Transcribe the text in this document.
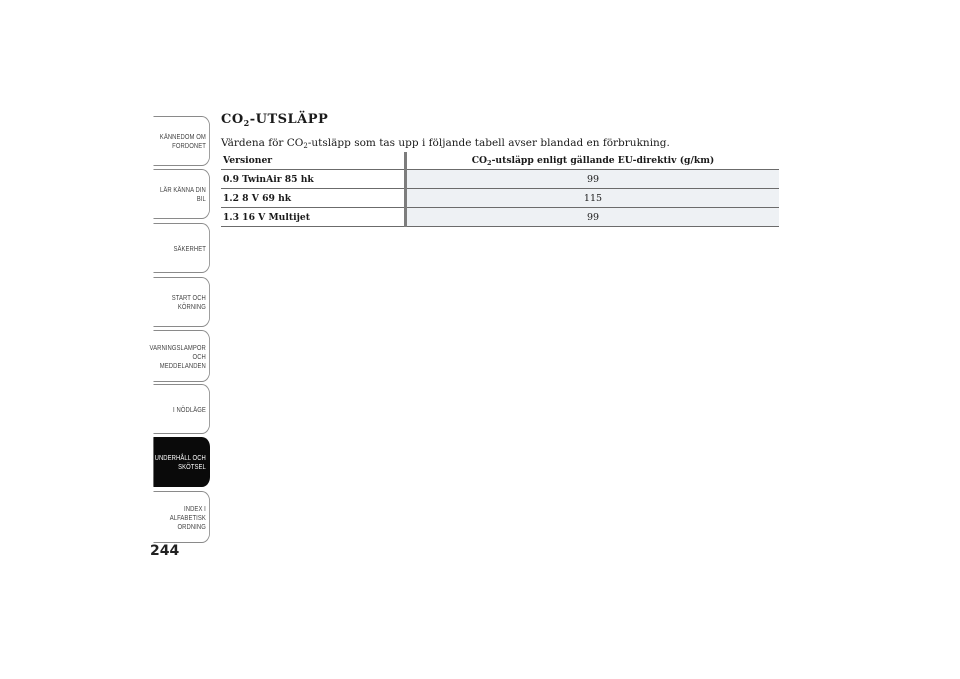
KÄNNEDOM OM
FORDONET
LÄR KÄNNA DIN
BIL
SÄKERHET
START OCH
KÖRNING
VARNINGSLAMPOR
OCH
MEDDELANDEN
I NÖDLÄGE
UNDERHÅLL OCH
SKÖTSEL
INDEX I
ALFABETISK
ORDNING
244
$CO_2$-UTSLÄPP
Värdena för $CO_2$-utsläpp som tas upp i följande tabell avser blandad en förbrukning.
Versioner	$CO_2$-utsläpp enligt gällande EU-direktiv (g/km)
0.9 TwinAir 85 hk	99
1.2 8 V 69 hk	115
1.3 16 V Multijet	99
